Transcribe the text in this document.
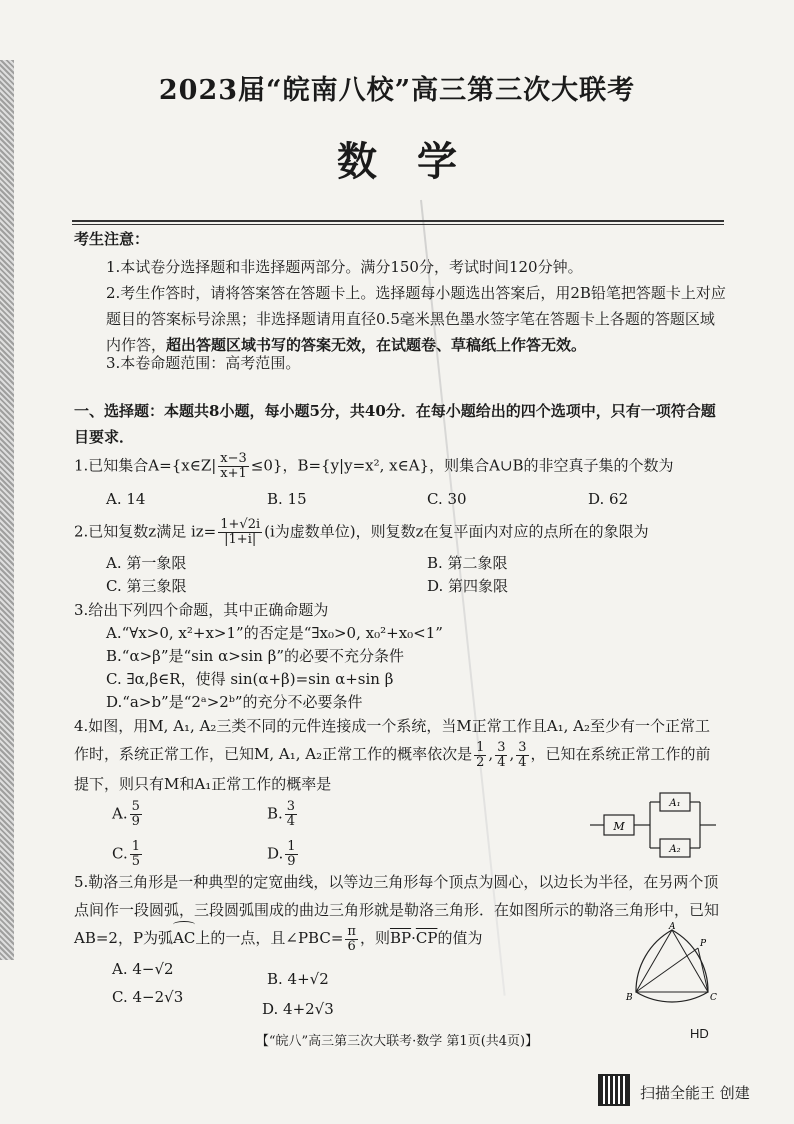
2023届“皖南八校”高三第三次大联考
数学
考生注意：
1.本试卷分选择题和非选择题两部分。满分150分，考试时间120分钟。
2.考生作答时，请将答案答在答题卡上。选择题每小题选出答案后，用2B铅笔把答题卡上对应题目的答案标号涂黑；非选择题请用直径0.5毫米黑色墨水签字笔在答题卡上各题的答题区域内作答，超出答题区域书写的答案无效，在试题卷、草稿纸上作答无效。
3.本卷命题范围：高考范围。
一、选择题：本题共8小题，每小题5分，共40分．在每小题给出的四个选项中，只有一项符合题目要求．
1.已知集合A={x∈Z| $\frac{x-3}{x+1} \le 0$}，B={y|y=x², x∈A}，则集合A∪B的非空真子集的个数为
A. 14	B. 15	C. 30	D. 62
2.已知复数z满足 $iz= \frac{1+√2i}{|1+i|} (i$为虚数单位)，则复数z在复平面内对应的点所在的象限为
A. 第一象限	B. 第二象限
C. 第三象限	D. 第四象限
3.给出下列四个命题，其中正确命题为
A.“∀x>0, x²+x>1”的否定是“∃x₀>0, x₀²+x₀<1”
B.“α>β”是“sin α>sin β”的必要不充分条件
C. ∃α,β∈R，使得 sin(α+β)=sin α+sin β
D.“a>b”是“2ᵃ>2ᵇ”的充分不必要条件
4.如图，用M, A₁, A₂三类不同的元件连接成一个系统，当M正常工作且A₁, A₂至少有一个正常工作时，系统正常工作，已知M, A₁, A₂正常工作的概率依次是 $\frac{1}{2}$ , $\frac{3}{4}$ , $\frac{3}{4}$ ，已知在系统正常工作的前提下，则只有M和A₁正常工作的概率是
A. $\frac{5}{9}$	B. $\frac{3}{4}$
C. $\frac{1}{5}$	D. $\frac{1}{9}$
M
A₁
A₂
5.勒洛三角形是一种典型的定宽曲线，以等边三角形每个顶点为圆心，以边长为半径，在另两个顶点间作一段圆弧，三段圆弧围成的曲边三角形就是勒洛三角形．在如图所示的勒洛三角形中，已知AB=2，P为弧
AC上的一点，且∠PBC= $\frac{\pi}{6}$ ，则$\overline{BP}\cdot\overline{CP}$的值为
A. 4−√2
B. 4+√2
C. 4−2√3
D. 4+2√3
A
P
B	C
【“皖八”高三第三次大联考·数学 第1页(共4页)】
HD
扫描全能王 创建
